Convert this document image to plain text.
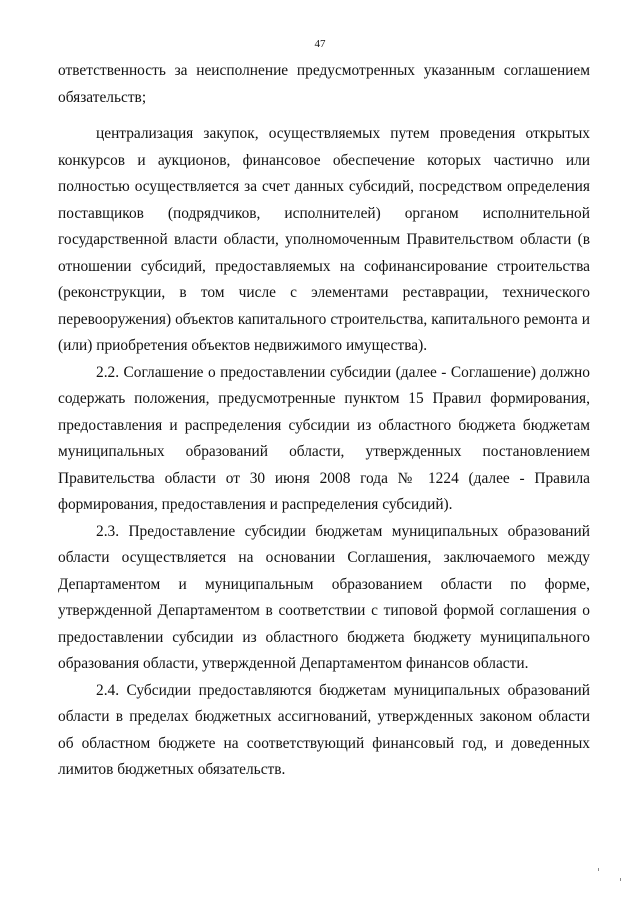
47

ответственность за неисполнение предусмотренных указанным соглашением обязательств;

централизация закупок, осуществляемых путем проведения открытых конкурсов и аукционов, финансовое обеспечение которых частично или полностью осуществляется за счет данных субсидий, посредством определения поставщиков (подрядчиков, исполнителей) органом исполнительной государственной власти области, уполномоченным Правительством области (в отношении субсидий, предоставляемых на софинансирование строительства (реконструкции, в том числе с элементами реставрации, технического перевооружения) объектов капитального строительства, капитального ремонта и (или) приобретения объектов недвижимого имущества).

2.2. Соглашение о предоставлении субсидии (далее - Соглашение) должно содержать положения, предусмотренные пунктом 15 Правил формирования, предоставления и распределения субсидии из областного бюджета бюджетам муниципальных образований области, утвержденных постановлением Правительства области от 30 июня 2008 года № 1224 (далее - Правила формирования, предоставления и распределения субсидий).

2.3. Предоставление субсидии бюджетам муниципальных образований области осуществляется на основании Соглашения, заключаемого между Департаментом и муниципальным образованием области по форме, утвержденной Департаментом в соответствии с типовой формой соглашения о предоставлении субсидии из областного бюджета бюджету муниципального образования области, утвержденной Департаментом финансов области.

2.4. Субсидии предоставляются бюджетам муниципальных образований области в пределах бюджетных ассигнований, утвержденных законом области об областном бюджете на соответствующий финансовый год, и доведенных лимитов бюджетных обязательств.
